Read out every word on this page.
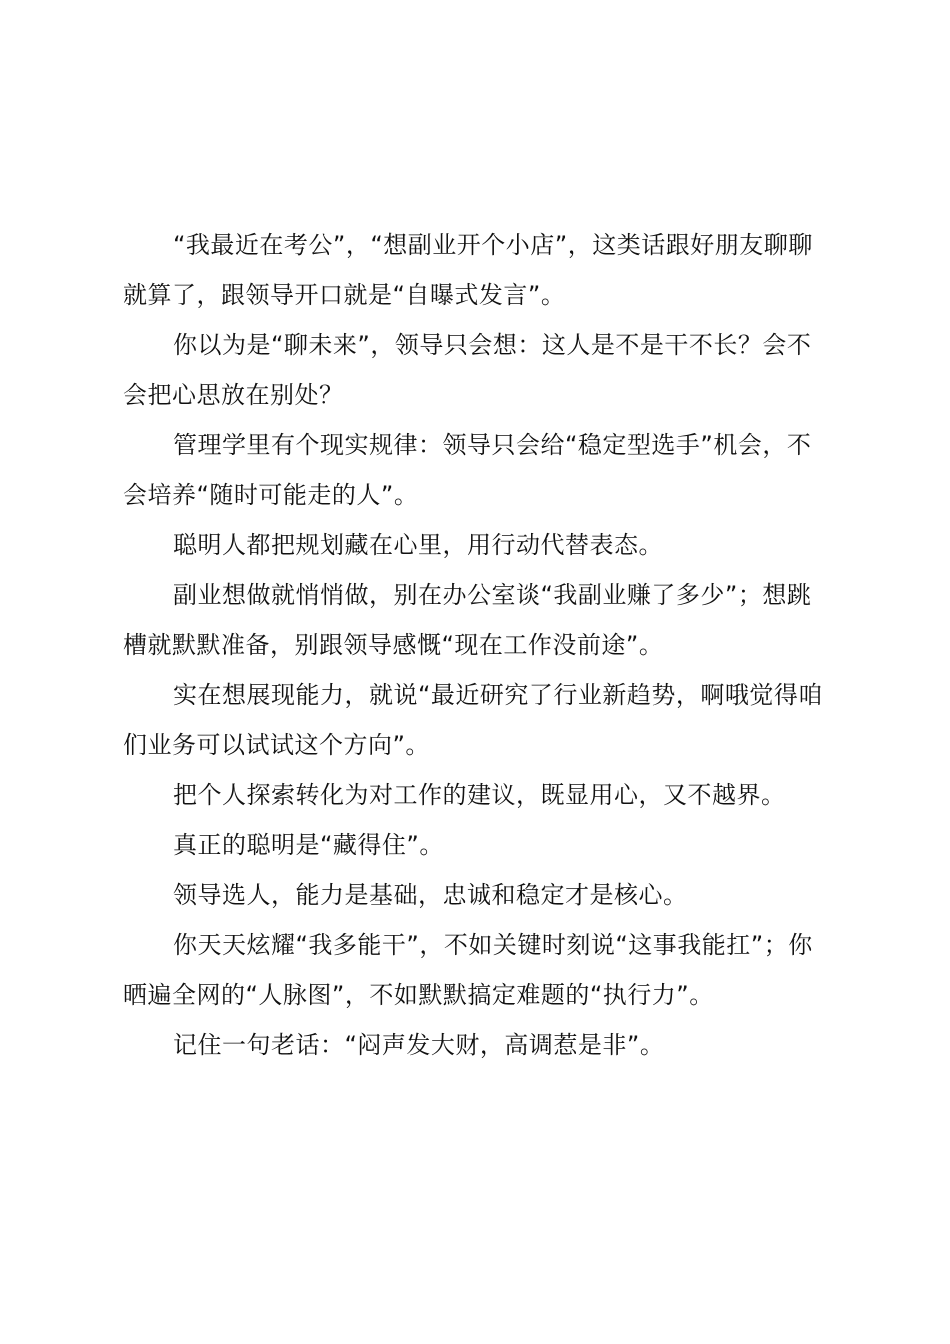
“我最近在考公”，“想副业开个小店”，这类话跟好朋友聊聊就算了，跟领导开口就是“自曝式发言”。

你以为是“聊未来”，领导只会想：这人是不是干不长？会不会把心思放在别处？

管理学里有个现实规律：领导只会给“稳定型选手”机会，不会培养“随时可能走的人”。

聪明人都把规划藏在心里，用行动代替表态。

副业想做就悄悄做，别在办公室谈“我副业赚了多少”；想跳槽就默默准备，别跟领导感慨“现在工作没前途”。

实在想展现能力，就说“最近研究了行业新趋势，啊哦觉得咱们业务可以试试这个方向”。

把个人探索转化为对工作的建议，既显用心，又不越界。

真正的聪明是“藏得住”。

领导选人，能力是基础，忠诚和稳定才是核心。

你天天炫耀“我多能干”，不如关键时刻说“这事我能扛”；你晒遍全网的“人脉图”，不如默默搞定难题的“执行力”。

记住一句老话：“闷声发大财，高调惹是非”。
